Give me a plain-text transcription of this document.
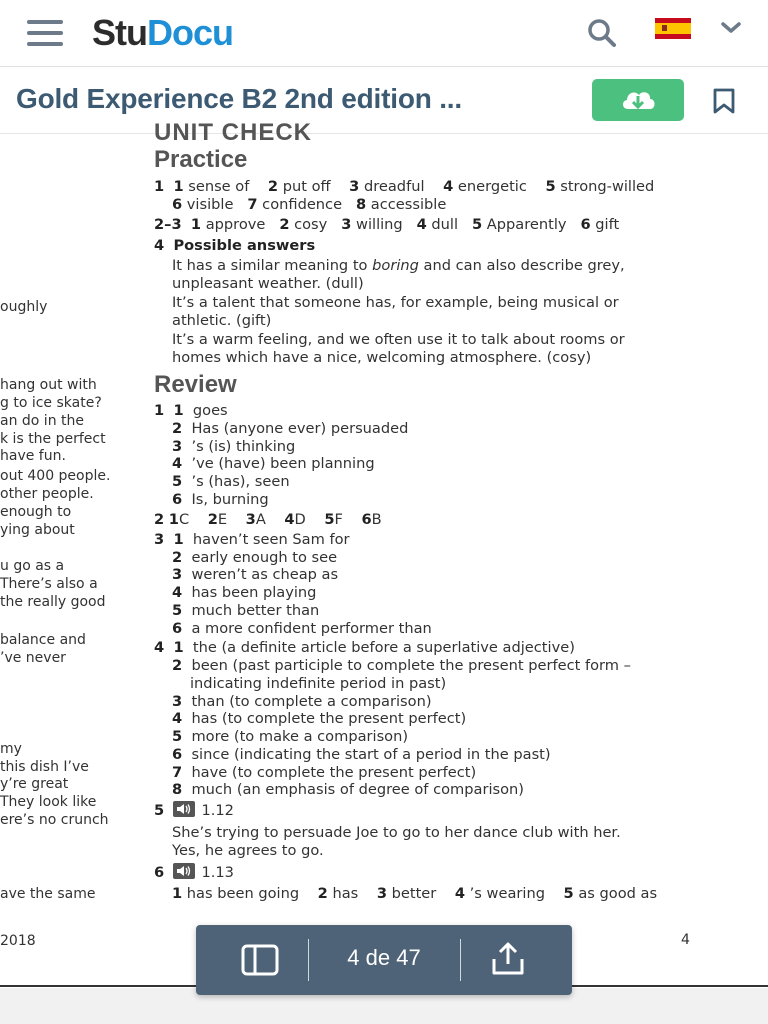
StuDocu
Gold Experience B2 2nd edition ...
UNIT CHECK
oughly
hang out with
g to ice skate?
an do in the
k is the perfect
have fun.
out 400 people.
other people.
enough to
ying about
u go as a
There’s also a
the really good
balance and
’ve never
my
this dish I’ve
y’re great
They look like
ere’s no crunch
ave the same
2018
Practice
1 1 sense of 2 put off 3 dreadful 4 energetic 5 strong-willed
6 visible 7 confidence 8 accessible
2–3 1 approve 2 cosy 3 willing 4 dull 5 Apparently 6 gift
4 Possible answers
It has a similar meaning to boring and can also describe grey,
unpleasant weather. (dull)
It’s a talent that someone has, for example, being musical or
athletic. (gift)
It’s a warm feeling, and we often use it to talk about rooms or
homes which have a nice, welcoming atmosphere. (cosy)
Review
1 1 goes
2 Has (anyone ever) persuaded
3 ’s (is) thinking
4 ’ve (have) been planning
5 ’s (has), seen
6 Is, burning
2 1C 2E 3A 4D 5F 6B
3 1 haven’t seen Sam for
2 early enough to see
3 weren’t as cheap as
4 has been playing
5 much better than
6 a more confident performer than
4 1 the (a definite article before a superlative adjective)
2 been (past participle to complete the present perfect form –
indicating indefinite period in past)
3 than (to complete a comparison)
4 has (to complete the present perfect)
5 more (to make a comparison)
6 since (indicating the start of a period in the past)
7 have (to complete the present perfect)
8 much (an emphasis of degree of comparison)
5	1.12
She’s trying to persuade Joe to go to her dance club with her.
Yes, he agrees to go.
6	1.13
1 has been going 2 has 3 better 4 ’s wearing 5 as good as
4
4 de 47
